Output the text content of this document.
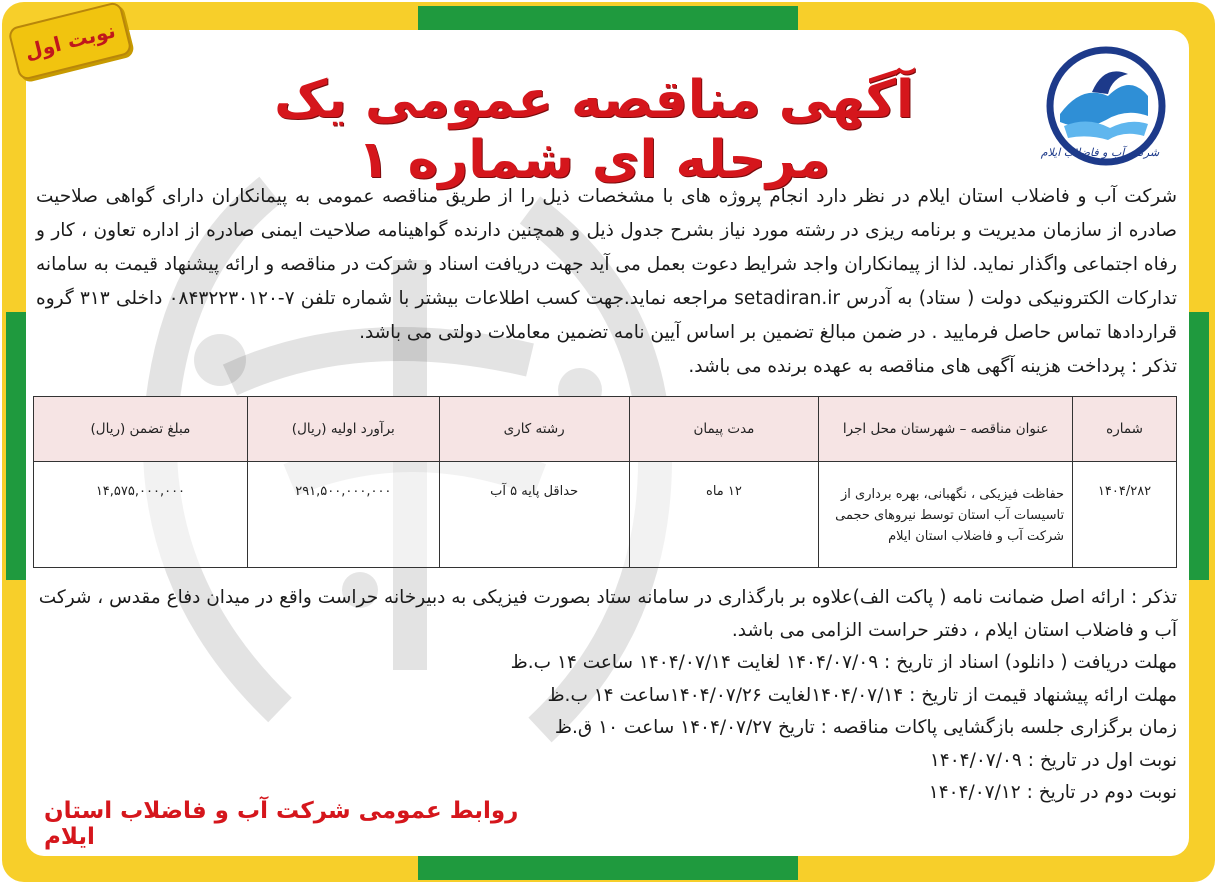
نوبت اول
شرکت آب و فاضلاب ایلام
آگهی مناقصه عمومی یک مرحله ای شماره ۱
شرکت آب و فاضلاب استان ایلام در نظر دارد انجام پروژه های با مشخصات ذیل را از طریق مناقصه عمومی به پیمانکاران دارای گواهی صلاحیت صادره از سازمان مدیریت و برنامه ریزی در رشته مورد نیاز بشرح جدول ذیل و همچنین دارنده گواهینامه صلاحیت ایمنی صادره از اداره تعاون ، کار و رفاه اجتماعی واگذار نماید. لذا از پیمانکاران واجد شرایط دعوت بعمل می آید جهت دریافت اسناد و شرکت در مناقصه و ارائه پیشنهاد قیمت به سامانه تدارکات الکترونیکی دولت ( ستاد) به آدرس setadiran.ir مراجعه نماید.جهت کسب اطلاعات بیشتر با شماره تلفن ۷-۰۸۴۳۲۲۳۰۱۲۰ داخلی ۳۱۳ گروه قراردادها تماس حاصل فرمایید . در ضمن مبالغ تضمین بر اساس آیین نامه تضمین معاملات دولتی می باشد.
تذکر : پرداخت هزینه آگهی های مناقصه به عهده برنده می باشد.
شماره	عنوان مناقصه – شهرستان محل اجرا	مدت پیمان	رشته کاری	برآورد اولیه (ریال)	مبلغ تضمن (ریال)
۱۴۰۴/۲۸۲	حفاظت فیزیکی ، نگهبانی، بهره برداری از تاسیسات آب استان توسط نیروهای حجمی شرکت آب و فاضلاب استان ایلام	۱۲ ماه	حداقل پایه ۵ آب	۲۹۱,۵۰۰,۰۰۰,۰۰۰	۱۴,۵۷۵,۰۰۰,۰۰۰
تذکر : ارائه اصل ضمانت نامه ( پاکت الف)علاوه بر بارگذاری در سامانه ستاد بصورت فیزیکی به دبیرخانه حراست واقع در میدان دفاع مقدس ، شرکت آب و فاضلاب استان ایلام ، دفتر حراست الزامی می باشد.
مهلت دریافت ( دانلود) اسناد از تاریخ : ۱۴۰۴/۰۷/۰۹ لغایت ۱۴۰۴/۰۷/۱۴ ساعت ۱۴ ب.ظ
مهلت ارائه پیشنهاد قیمت از تاریخ : ۱۴۰۴/۰۷/۱۴لغایت ۱۴۰۴/۰۷/۲۶ساعت ۱۴ ب.ظ
زمان برگزاری جلسه بازگشایی پاکات مناقصه : تاریخ ۱۴۰۴/۰۷/۲۷ ساعت ۱۰ ق.ظ
نوبت اول در تاریخ : ۱۴۰۴/۰۷/۰۹
نوبت دوم در تاریخ : ۱۴۰۴/۰۷/۱۲
روابط عمومی شرکت آب و فاضلاب استان ایلام
